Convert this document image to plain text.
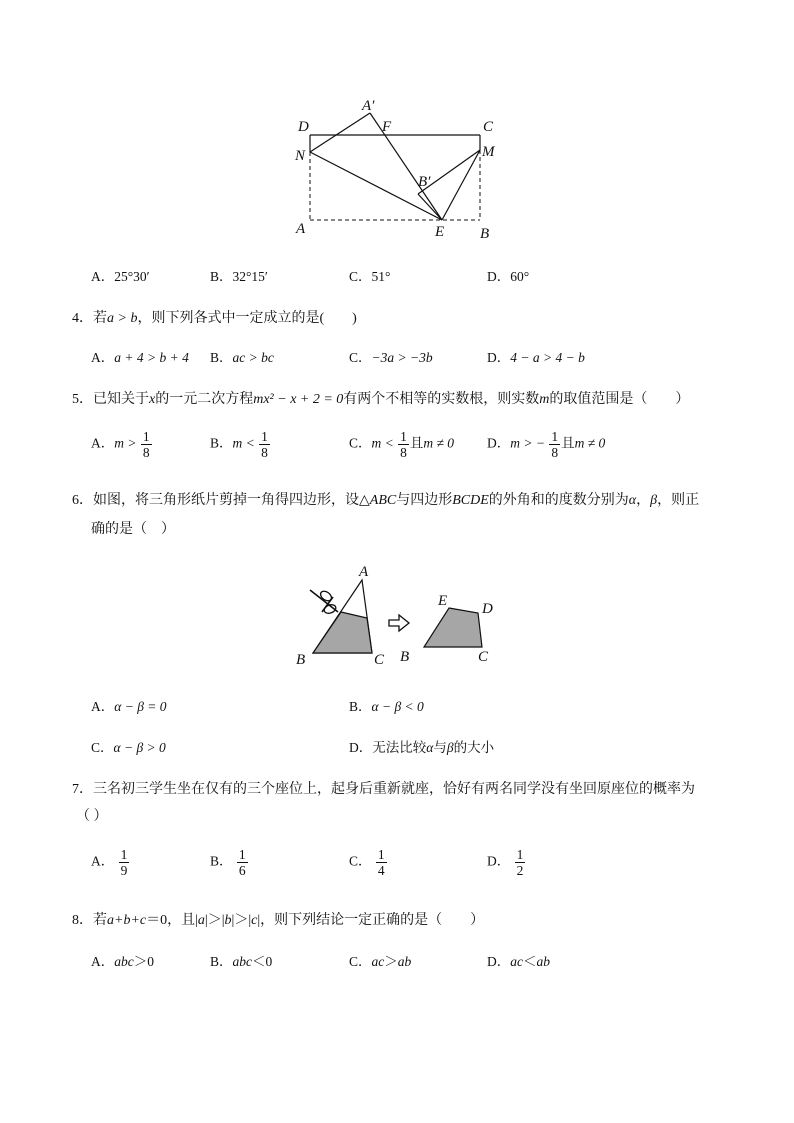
D
A′
F	C
N	M
B′
A	E B
A．25°30′	B．32°15′	C．51°	D．60°
4．若a > b，则下列各式中一定成立的是(　　)
A．a + 4 > b + 4 B．ac > bc	C．−3a > −3b	D．4 − a > 4 − b
5．已知关于x的一元二次方程mx² − x + 2 = 0有两个不相等的实数根，则实数m的取值范围是（　　）
A．$m > \frac{1}{8}$	B．$m < \frac{1}{8}$	C．$m < \frac{1}{8}$ 且m ≠ 0 D．m > − $\frac{1}{8}$ 且m ≠ 0
6．如图，将三角形纸片剪掉一角得四边形，设△ABC与四边形BCDE的外角和的度数分别为α，β，则正
确的是（　）
A
B	C
E D
B	C
A．α − β = 0	B．α − β < 0
C．α − β > 0	D．无法比较α与β的大小
7．三名初三学生坐在仅有的三个座位上，起身后重新就座，恰好有两名同学没有坐回原座位的概率为
（ ）
A． $\frac{1}{9}$	B． $\frac{1}{6}$	C． $\frac{1}{4}$	D． $\frac{1}{2}$
8．若a+b+c＝0，且|a|＞|b|＞|c|，则下列结论一定正确的是（　　）
A．abc＞0	B．abc＜0	C．ac＞ab	D．ac＜ab
